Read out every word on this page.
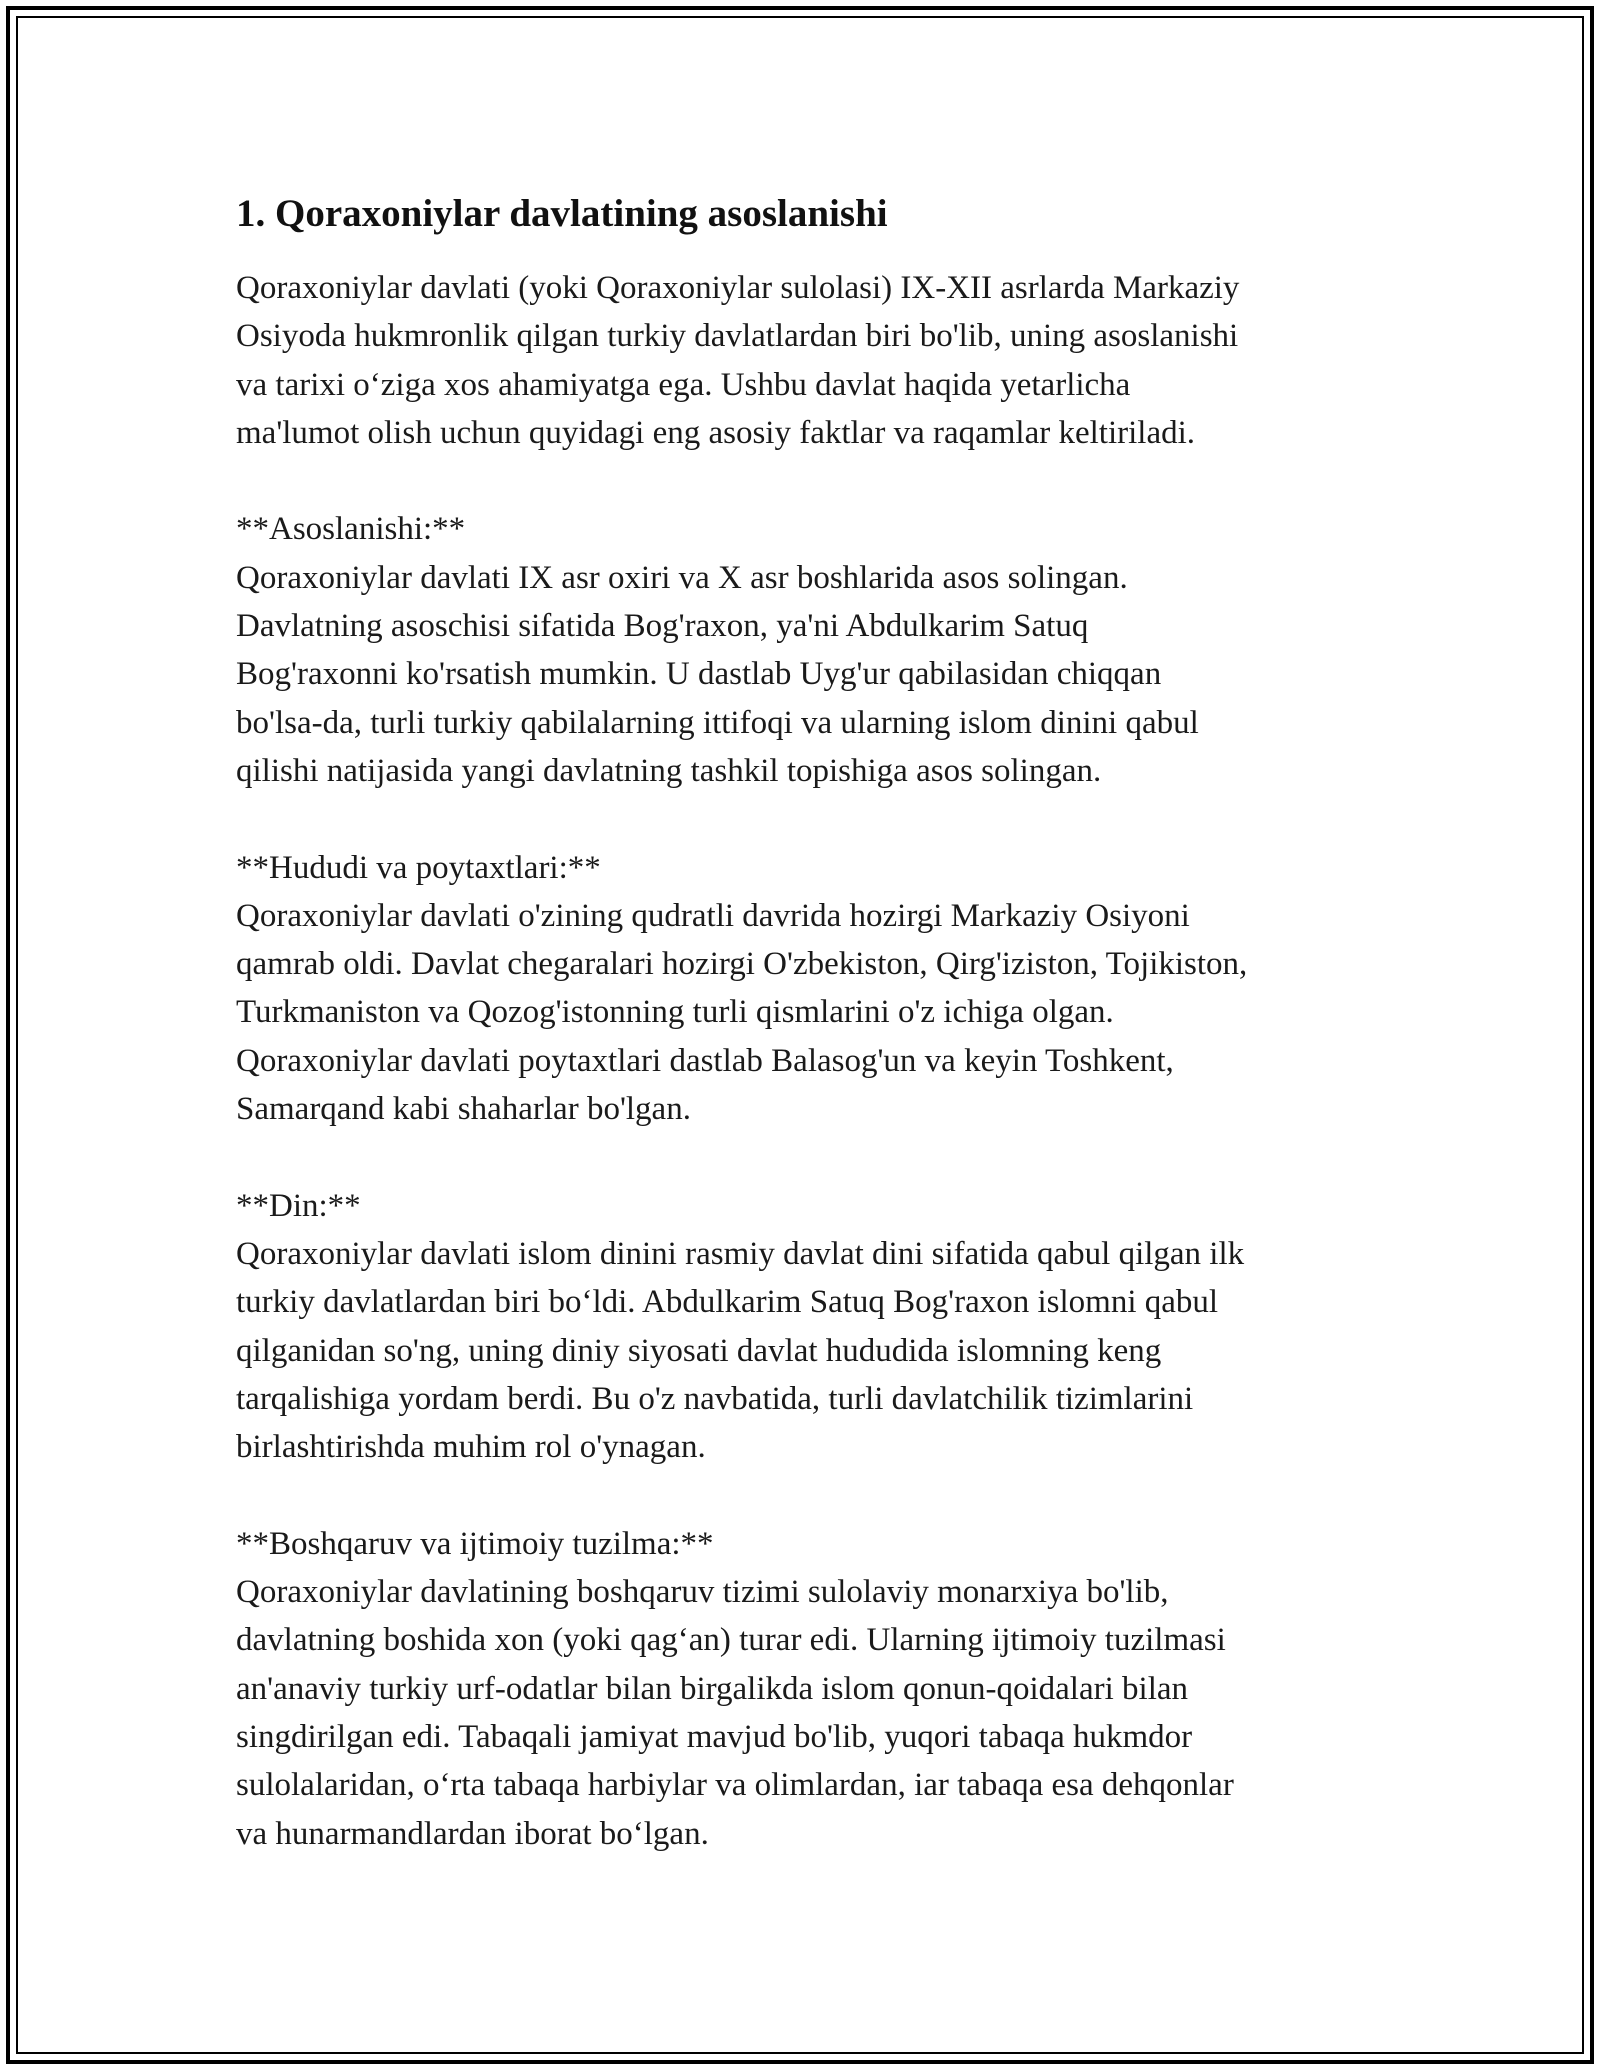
1. Qoraxoniylar davlatining asoslanishi
Qoraxoniylar davlati (yoki Qoraxoniylar sulolasi) IX-XII asrlarda Markaziy
Osiyoda hukmronlik qilgan turkiy davlatlardan biri bo'lib, uning asoslanishi
va tarixi o‘ziga xos ahamiyatga ega. Ushbu davlat haqida yetarlicha
ma'lumot olish uchun quyidagi eng asosiy faktlar va raqamlar keltiriladi.
**Asoslanishi:**
Qoraxoniylar davlati IX asr oxiri va X asr boshlarida asos solingan.
Davlatning asoschisi sifatida Bog'raxon, ya'ni Abdulkarim Satuq
Bog'raxonni ko'rsatish mumkin. U dastlab Uyg'ur qabilasidan chiqqan
bo'lsa-da, turli turkiy qabilalarning ittifoqi va ularning islom dinini qabul
qilishi natijasida yangi davlatning tashkil topishiga asos solingan.
**Hududi va poytaxtlari:**
Qoraxoniylar davlati o'zining qudratli davrida hozirgi Markaziy Osiyoni
qamrab oldi. Davlat chegaralari hozirgi O'zbekiston, Qirg'iziston, Tojikiston,
Turkmaniston va Qozog'istonning turli qismlarini o'z ichiga olgan.
Qoraxoniylar davlati poytaxtlari dastlab Balasog'un va keyin Toshkent,
Samarqand kabi shaharlar bo'lgan.
**Din:**
Qoraxoniylar davlati islom dinini rasmiy davlat dini sifatida qabul qilgan ilk
turkiy davlatlardan biri bo‘ldi. Abdulkarim Satuq Bog'raxon islomni qabul
qilganidan so'ng, uning diniy siyosati davlat hududida islomning keng
tarqalishiga yordam berdi. Bu o'z navbatida, turli davlatchilik tizimlarini
birlashtirishda muhim rol o'ynagan.
**Boshqaruv va ijtimoiy tuzilma:**
Qoraxoniylar davlatining boshqaruv tizimi sulolaviy monarxiya bo'lib,
davlatning boshida xon (yoki qag‘an) turar edi. Ularning ijtimoiy tuzilmasi
an'anaviy turkiy urf-odatlar bilan birgalikda islom qonun-qoidalari bilan
singdirilgan edi. Tabaqali jamiyat mavjud bo'lib, yuqori tabaqa hukmdor
sulolalaridan, o‘rta tabaqa harbiylar va olimlardan, iar tabaqa esa dehqonlar
va hunarmandlardan iborat bo‘lgan.
